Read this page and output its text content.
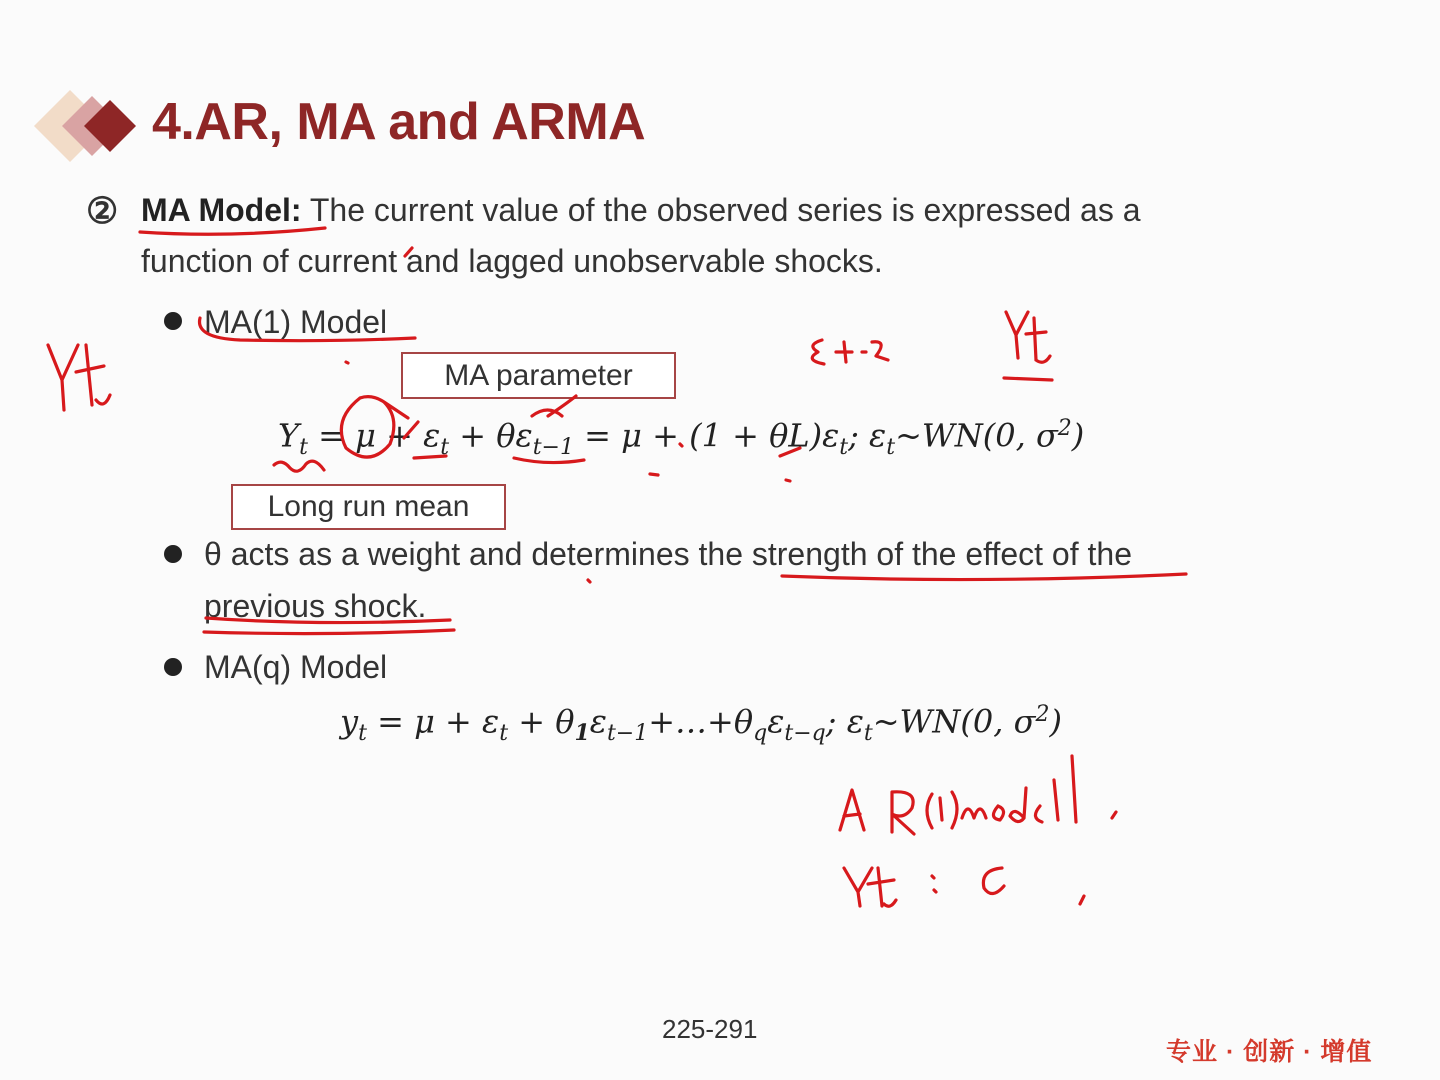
4.AR, MA and ARMA
② MA Model: The current value of the observed series is expressed as a
function of current and lagged unobservable shocks.
MA(1) Model
MA parameter
$Y_t = \mu + \varepsilon_t + \theta\varepsilon_{t-1} = \mu + (1 + \theta L)\varepsilon_t$; $\varepsilon_t\sim WN(0$, $\sigma^2$)
Long run mean
θ acts as a weight and determines the strength of the effect of the
previous shock.
MA(q) Model
$y_t = \mu + \varepsilon_t$ + $\theta_1\varepsilon_{t-1}+\dots+\theta_q\varepsilon_{t-q}$; $\varepsilon_t\sim WN(0$, $\sigma^2$)
225-291
专业 · 创新 · 增值
